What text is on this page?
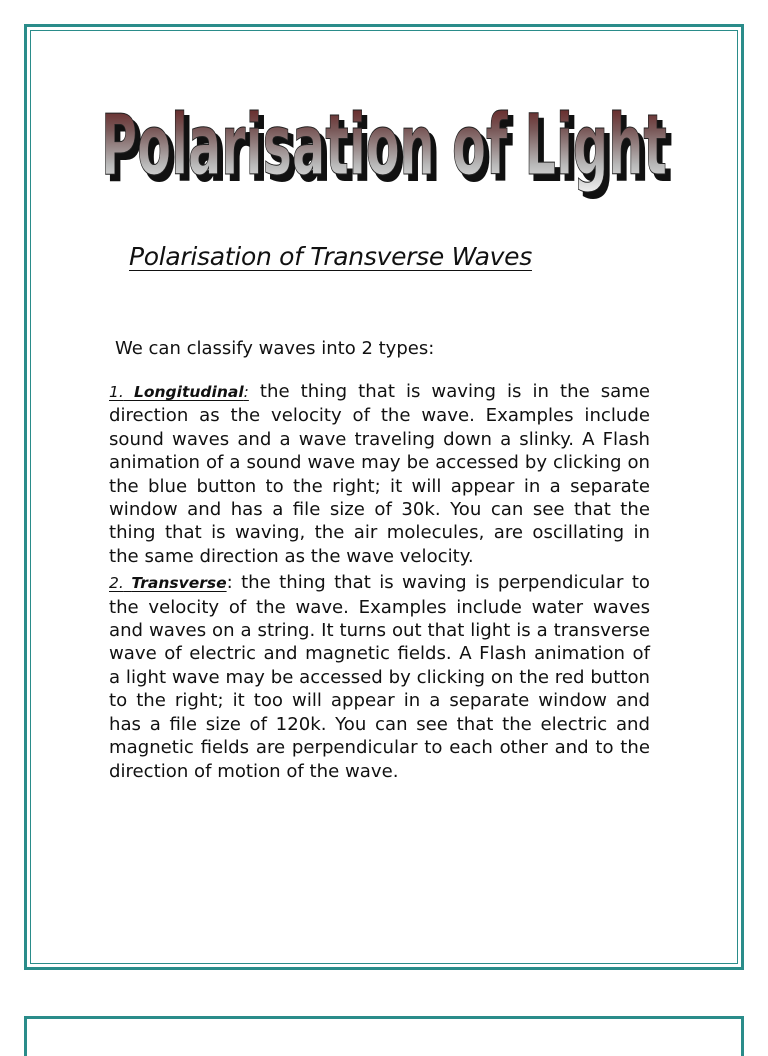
Polarisation of Light
Polarisation of Light
Polarisation of Transverse Waves

We can classify waves into 2 types:

1. Longitudinal: the thing that is waving is in the same direction as the velocity of the wave. Examples include sound waves and a wave traveling down a slinky. A Flash animation of a sound wave may be accessed by clicking on the blue button to the right; it will appear in a separate window and has a file size of 30k. You can see that the thing that is waving, the air molecules, are oscillating in the same direction as the wave velocity.

2. Transverse: the thing that is waving is perpendicular to the velocity of the wave. Examples include water waves and waves on a string. It turns out that light is a transverse wave of electric and magnetic fields. A Flash animation of a light wave may be accessed by clicking on the red button to the right; it too will appear in a separate window and has a file size of 120k. You can see that the electric and magnetic fields are perpendicular to each other and to the direction of motion of the wave.
